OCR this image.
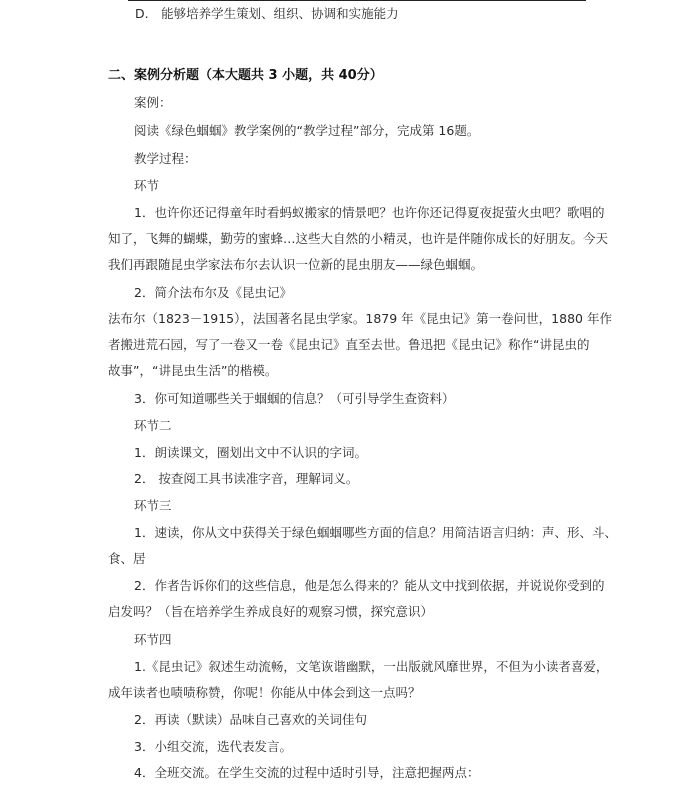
D.　能够培养学生策划、组织、协调和实施能力
二、案例分析题（本大题共 3 小题，共 40分）
案例：
阅读《绿色蝈蝈》教学案例的“教学过程”部分，完成第 16题。
教学过程：
环节
1．也许你还记得童年时看蚂蚁搬家的情景吧？也许你还记得夏夜捉萤火虫吧？歌唱的
知了，飞舞的蝴蝶，勤劳的蜜蜂…这些大自然的小精灵，也许是伴随你成长的好朋友。今天
我们再跟随昆虫学家法布尔去认识一位新的昆虫朋友——绿色蝈蝈。
2．简介法布尔及《昆虫记》
法布尔（1823－1915），法国著名昆虫学家。1879 年《昆虫记》第一卷问世，1880 年作
者搬进荒石园，写了一卷又一卷《昆虫记》直至去世。鲁迅把《昆虫记》称作“讲昆虫的
故事”，“讲昆虫生活”的楷模。
3．你可知道哪些关于蝈蝈的信息？（可引导学生查资料）
环节二
1．朗读课文，圈划出文中不认识的字词。
2． 按查阅工具书读准字音，理解词义。
环节三
1．速读，你从文中获得关于绿色蝈蝈哪些方面的信息？用简洁语言归纳：声、形、斗、
食、居
2．作者告诉你们的这些信息，他是怎么得来的？能从文中找到依据，并说说你受到的
启发吗？（旨在培养学生养成良好的观察习惯，探究意识）
环节四
1.《昆虫记》叙述生动流畅，文笔诙谐幽默，一出版就风靡世界，不但为小读者喜爱，
成年读者也啧啧称赞，你呢！你能从中体会到这一点吗？
2．再读（默读）品味自己喜欢的关词佳句
3．小组交流，选代表发言。
4．全班交流。在学生交流的过程中适时引导，注意把握两点：
